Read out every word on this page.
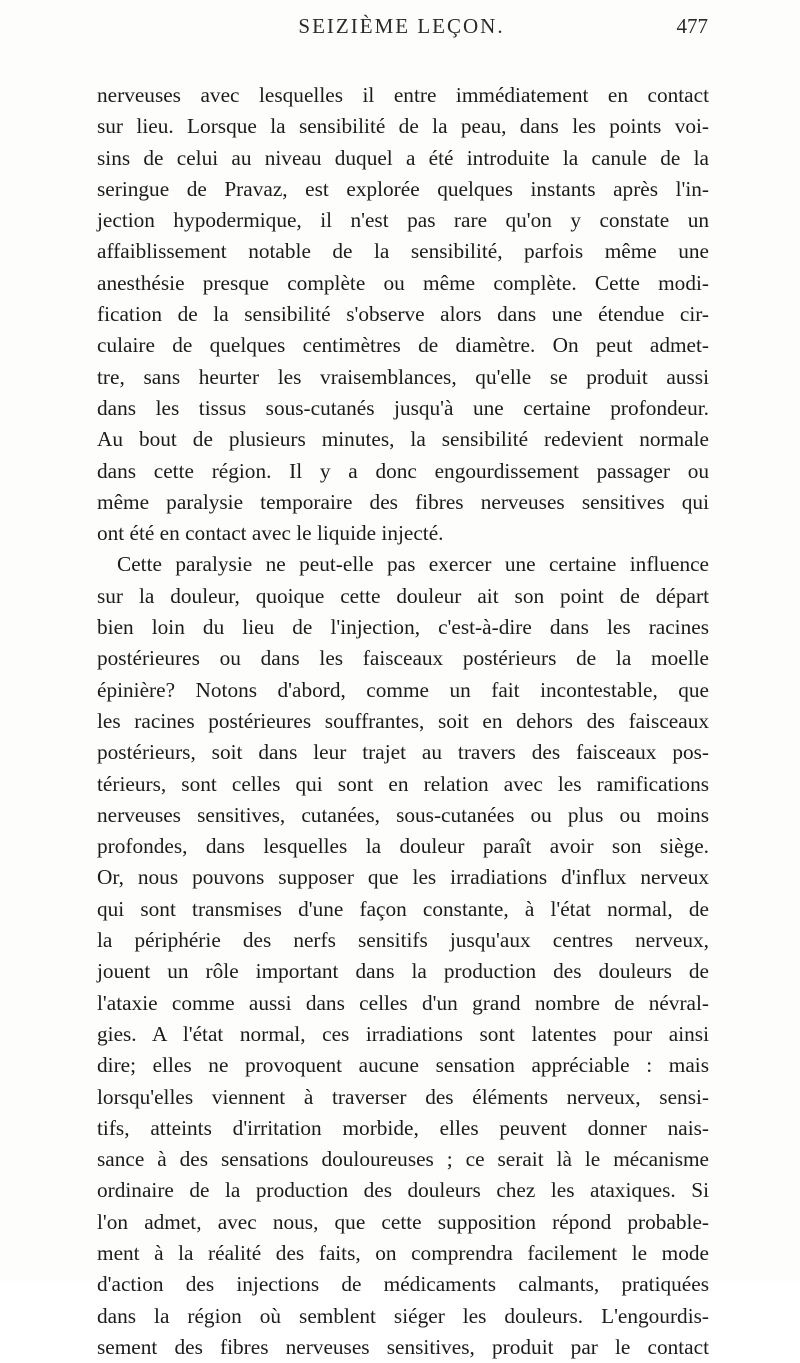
SEIZIÈME LEÇON.	477
nerveuses avec lesquelles il entre immédiatement en contact
sur lieu. Lorsque la sensibilité de la peau, dans les points voi-
sins de celui au niveau duquel a été introduite la canule de la
seringue de Pravaz, est explorée quelques instants après l'in-
jection hypodermique, il n'est pas rare qu'on y constate un
affaiblissement notable de la sensibilité, parfois même une
anesthésie presque complète ou même complète. Cette modi-
fication de la sensibilité s'observe alors dans une étendue cir-
culaire de quelques centimètres de diamètre. On peut admet-
tre, sans heurter les vraisemblances, qu'elle se produit aussi
dans les tissus sous-cutanés jusqu'à une certaine profondeur.
Au bout de plusieurs minutes, la sensibilité redevient normale
dans cette région. Il y a donc engourdissement passager ou
même paralysie temporaire des fibres nerveuses sensitives qui
ont été en contact avec le liquide injecté.
Cette paralysie ne peut-elle pas exercer une certaine influence
sur la douleur, quoique cette douleur ait son point de départ
bien loin du lieu de l'injection, c'est-à-dire dans les racines
postérieures ou dans les faisceaux postérieurs de la moelle
épinière? Notons d'abord, comme un fait incontestable, que
les racines postérieures souffrantes, soit en dehors des faisceaux
postérieurs, soit dans leur trajet au travers des faisceaux pos-
térieurs, sont celles qui sont en relation avec les ramifications
nerveuses sensitives, cutanées, sous-cutanées ou plus ou moins
profondes, dans lesquelles la douleur paraît avoir son siège.
Or, nous pouvons supposer que les irradiations d'influx nerveux
qui sont transmises d'une façon constante, à l'état normal, de
la périphérie des nerfs sensitifs jusqu'aux centres nerveux,
jouent un rôle important dans la production des douleurs de
l'ataxie comme aussi dans celles d'un grand nombre de névral-
gies. A l'état normal, ces irradiations sont latentes pour ainsi
dire; elles ne provoquent aucune sensation appréciable : mais
lorsqu'elles viennent à traverser des éléments nerveux, sensi-
tifs, atteints d'irritation morbide, elles peuvent donner nais-
sance à des sensations douloureuses ; ce serait là le mécanisme
ordinaire de la production des douleurs chez les ataxiques. Si
l'on admet, avec nous, que cette supposition répond probable-
ment à la réalité des faits, on comprendra facilement le mode
d'action des injections de médicaments calmants, pratiquées
dans la région où semblent siéger les douleurs. L'engourdis-
sement des fibres nerveuses sensitives, produit par le contact
